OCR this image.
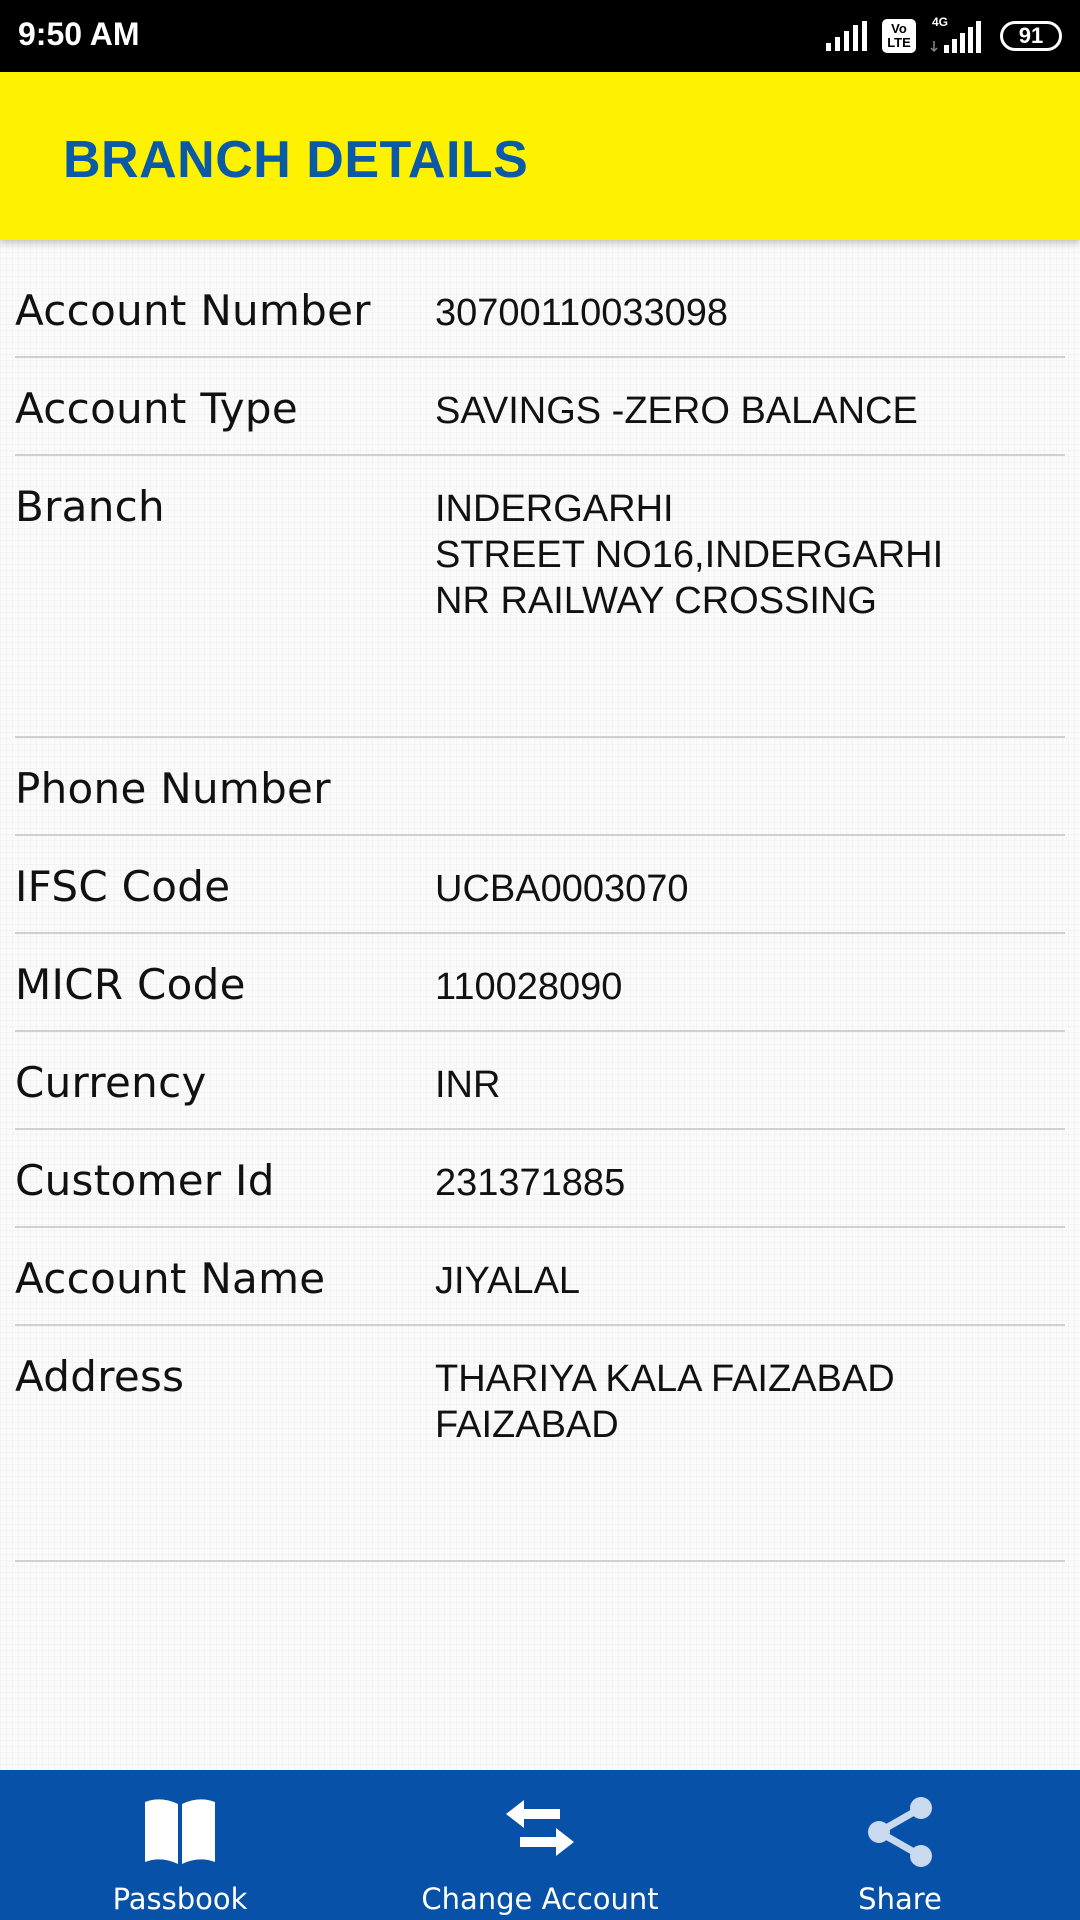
9:50 AM	Vo
LTE
4G
91
BRANCH DETAILS
Account Number 30700110033098
Account Type	SAVINGS -ZERO BALANCE
Branch	INDERGARHI
STREET NO16,INDERGARHI
NR RAILWAY CROSSING
Phone Number
IFSC Code	UCBA0003070
MICR Code	110028090
Currency	INR
Customer Id	231371885
Account Name	JIYALAL
Address	THARIYA KALA FAIZABAD
FAIZABAD
Passbook	Change Account	Share
